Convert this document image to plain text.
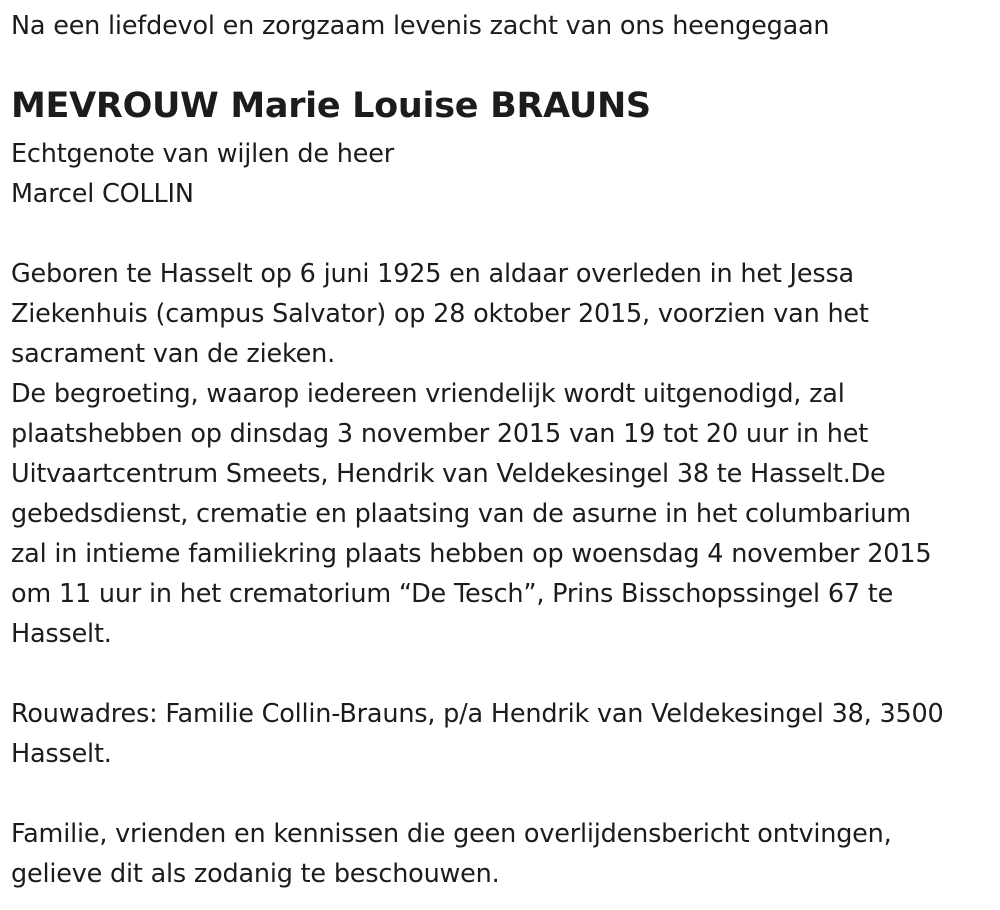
Na een liefdevol en zorgzaam levenis zacht van ons heengegaan
MEVROUW Marie Louise BRAUNS
Echtgenote van wijlen de heer
Marcel COLLIN
Geboren te Hasselt op 6 juni 1925 en aldaar overleden in het Jessa
Ziekenhuis (campus Salvator) op 28 oktober 2015, voorzien van het
sacrament van de zieken.
De begroeting, waarop iedereen vriendelijk wordt uitgenodigd, zal
plaatshebben op dinsdag 3 november 2015 van 19 tot 20 uur in het
Uitvaartcentrum Smeets, Hendrik van Veldekesingel 38 te Hasselt.De
gebedsdienst, crematie en plaatsing van de asurne in het columbarium
zal in intieme familiekring plaats hebben op woensdag 4 november 2015
om 11 uur in het crematorium “De Tesch”, Prins Bisschopssingel 67 te
Hasselt.
Rouwadres: Familie Collin-Brauns, p/a Hendrik van Veldekesingel 38, 3500
Hasselt.
Familie, vrienden en kennissen die geen overlijdensbericht ontvingen,
gelieve dit als zodanig te beschouwen.
